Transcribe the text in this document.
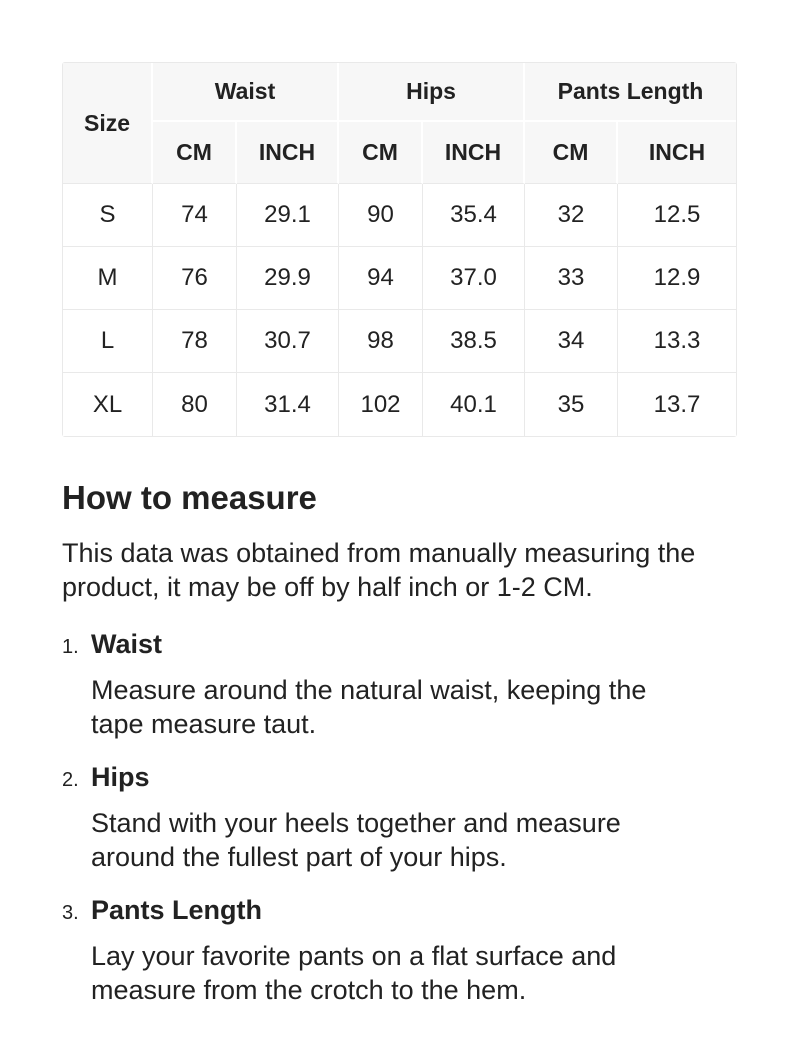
Size	Waist		Hips		Pants Length	
	CM	INCH	CM	INCH	CM	INCH
S	74	29.1	90	35.4	32	12.5
M	76	29.9	94	37.0	33	12.9
L	78	30.7	98	38.5	34	13.3
XL	80	31.4	102	40.1	35	13.7
How to measure

This data was obtained from manually measuring the product, it may be off by half inch or 1-2 CM.

1. Waist

Measure around the natural waist, keeping the tape measure taut.

2. Hips

Stand with your heels together and measure around the fullest part of your hips.

3. Pants Length

Lay your favorite pants on a flat surface and measure from the crotch to the hem.
